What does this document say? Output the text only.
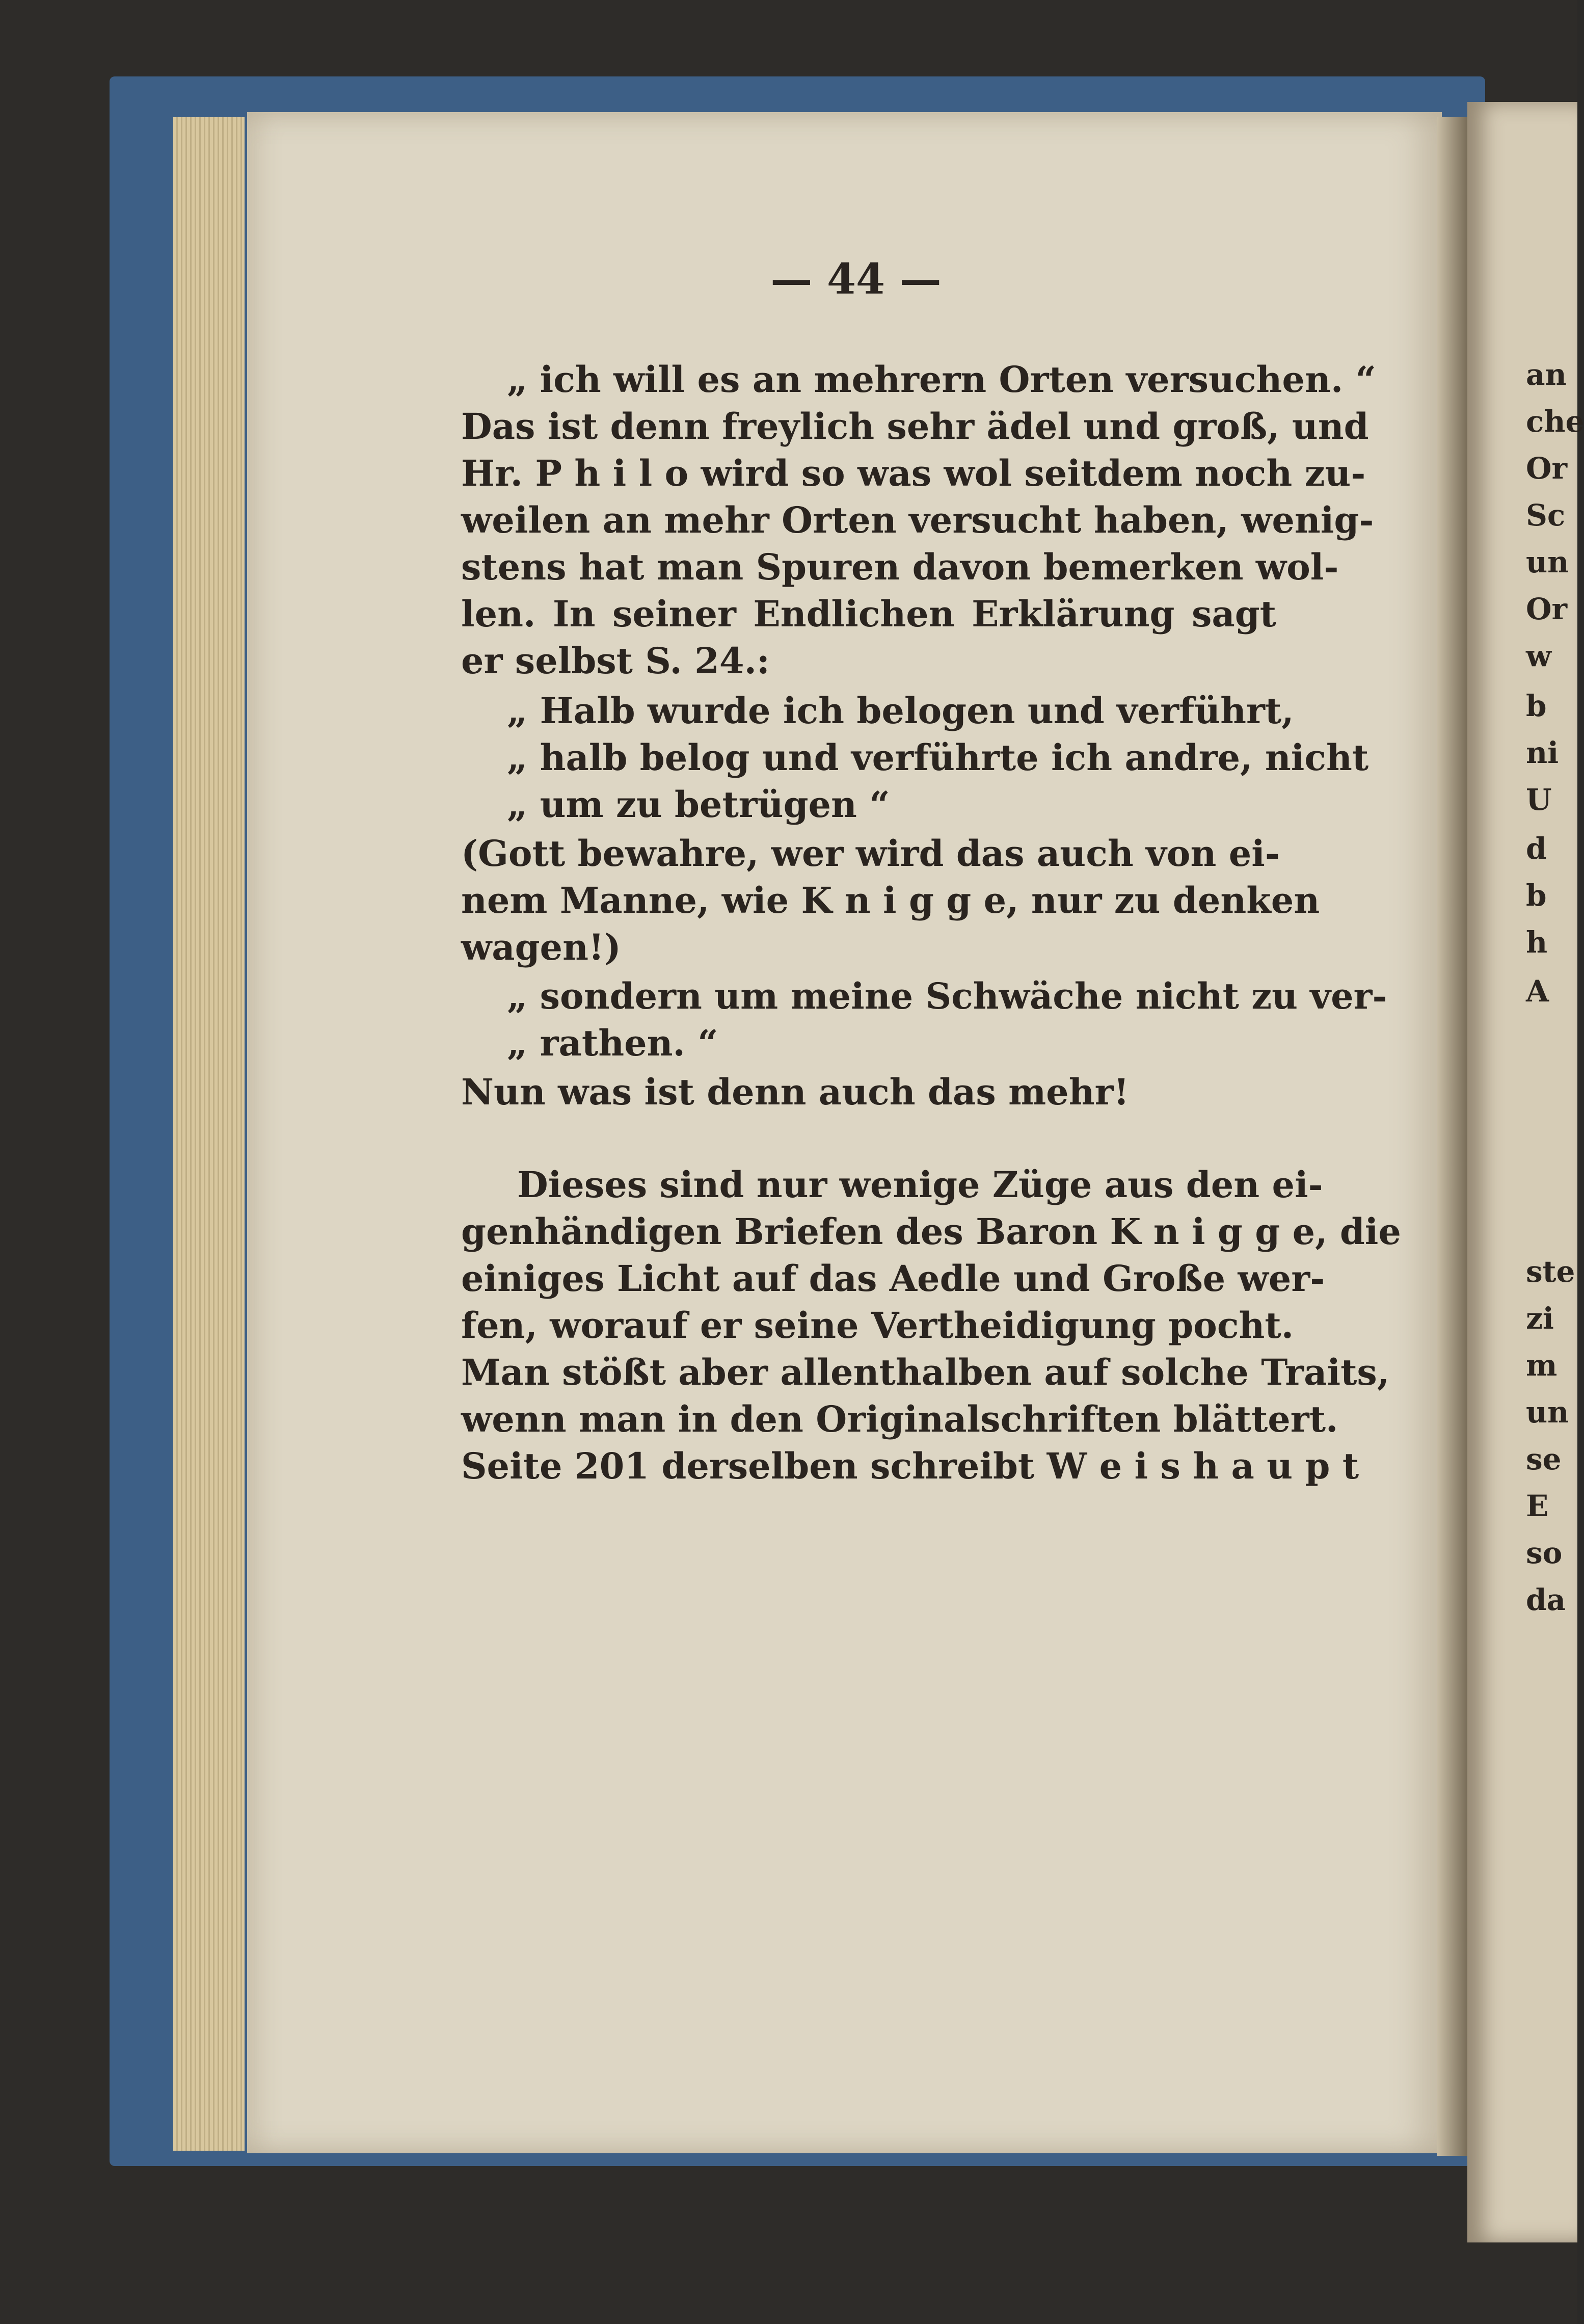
— 44 —
„ ich will es an mehrern Orten versuchen. “
Das ist denn freylich sehr ädel und groß, und
Hr. P h i l o wird so was wol seitdem noch zu-
weilen an mehr Orten versucht haben, wenig-
stens hat man Spuren davon bemerken wol-
len. In seiner Endlichen Erklärung sagt
er selbst S. 24.:
„ Halb wurde ich belogen und verführt,
„ halb belog und verführte ich andre, nicht
„ um zu betrügen “
(Gott bewahre, wer wird das auch von ei-
nem Manne, wie K n i g g e, nur zu denken
wagen!)
„ sondern um meine Schwäche nicht zu ver-
„ rathen. “
Nun was ist denn auch das mehr!
Dieses sind nur wenige Züge aus den ei-
genhändigen Briefen des Baron K n i g g e, die
einiges Licht auf das Aedle und Große wer-
fen, worauf er seine Vertheidigung pocht.
Man stößt aber allenthalben auf solche Traits,
wenn man in den Originalschriften blättert.
Seite 201 derselben schreibt W e i s h a u p t
an
che
Or
Sc
un
Or
w
b
ni
U
d
b
h
A
ste
zi
m
un
se
E
so
da
